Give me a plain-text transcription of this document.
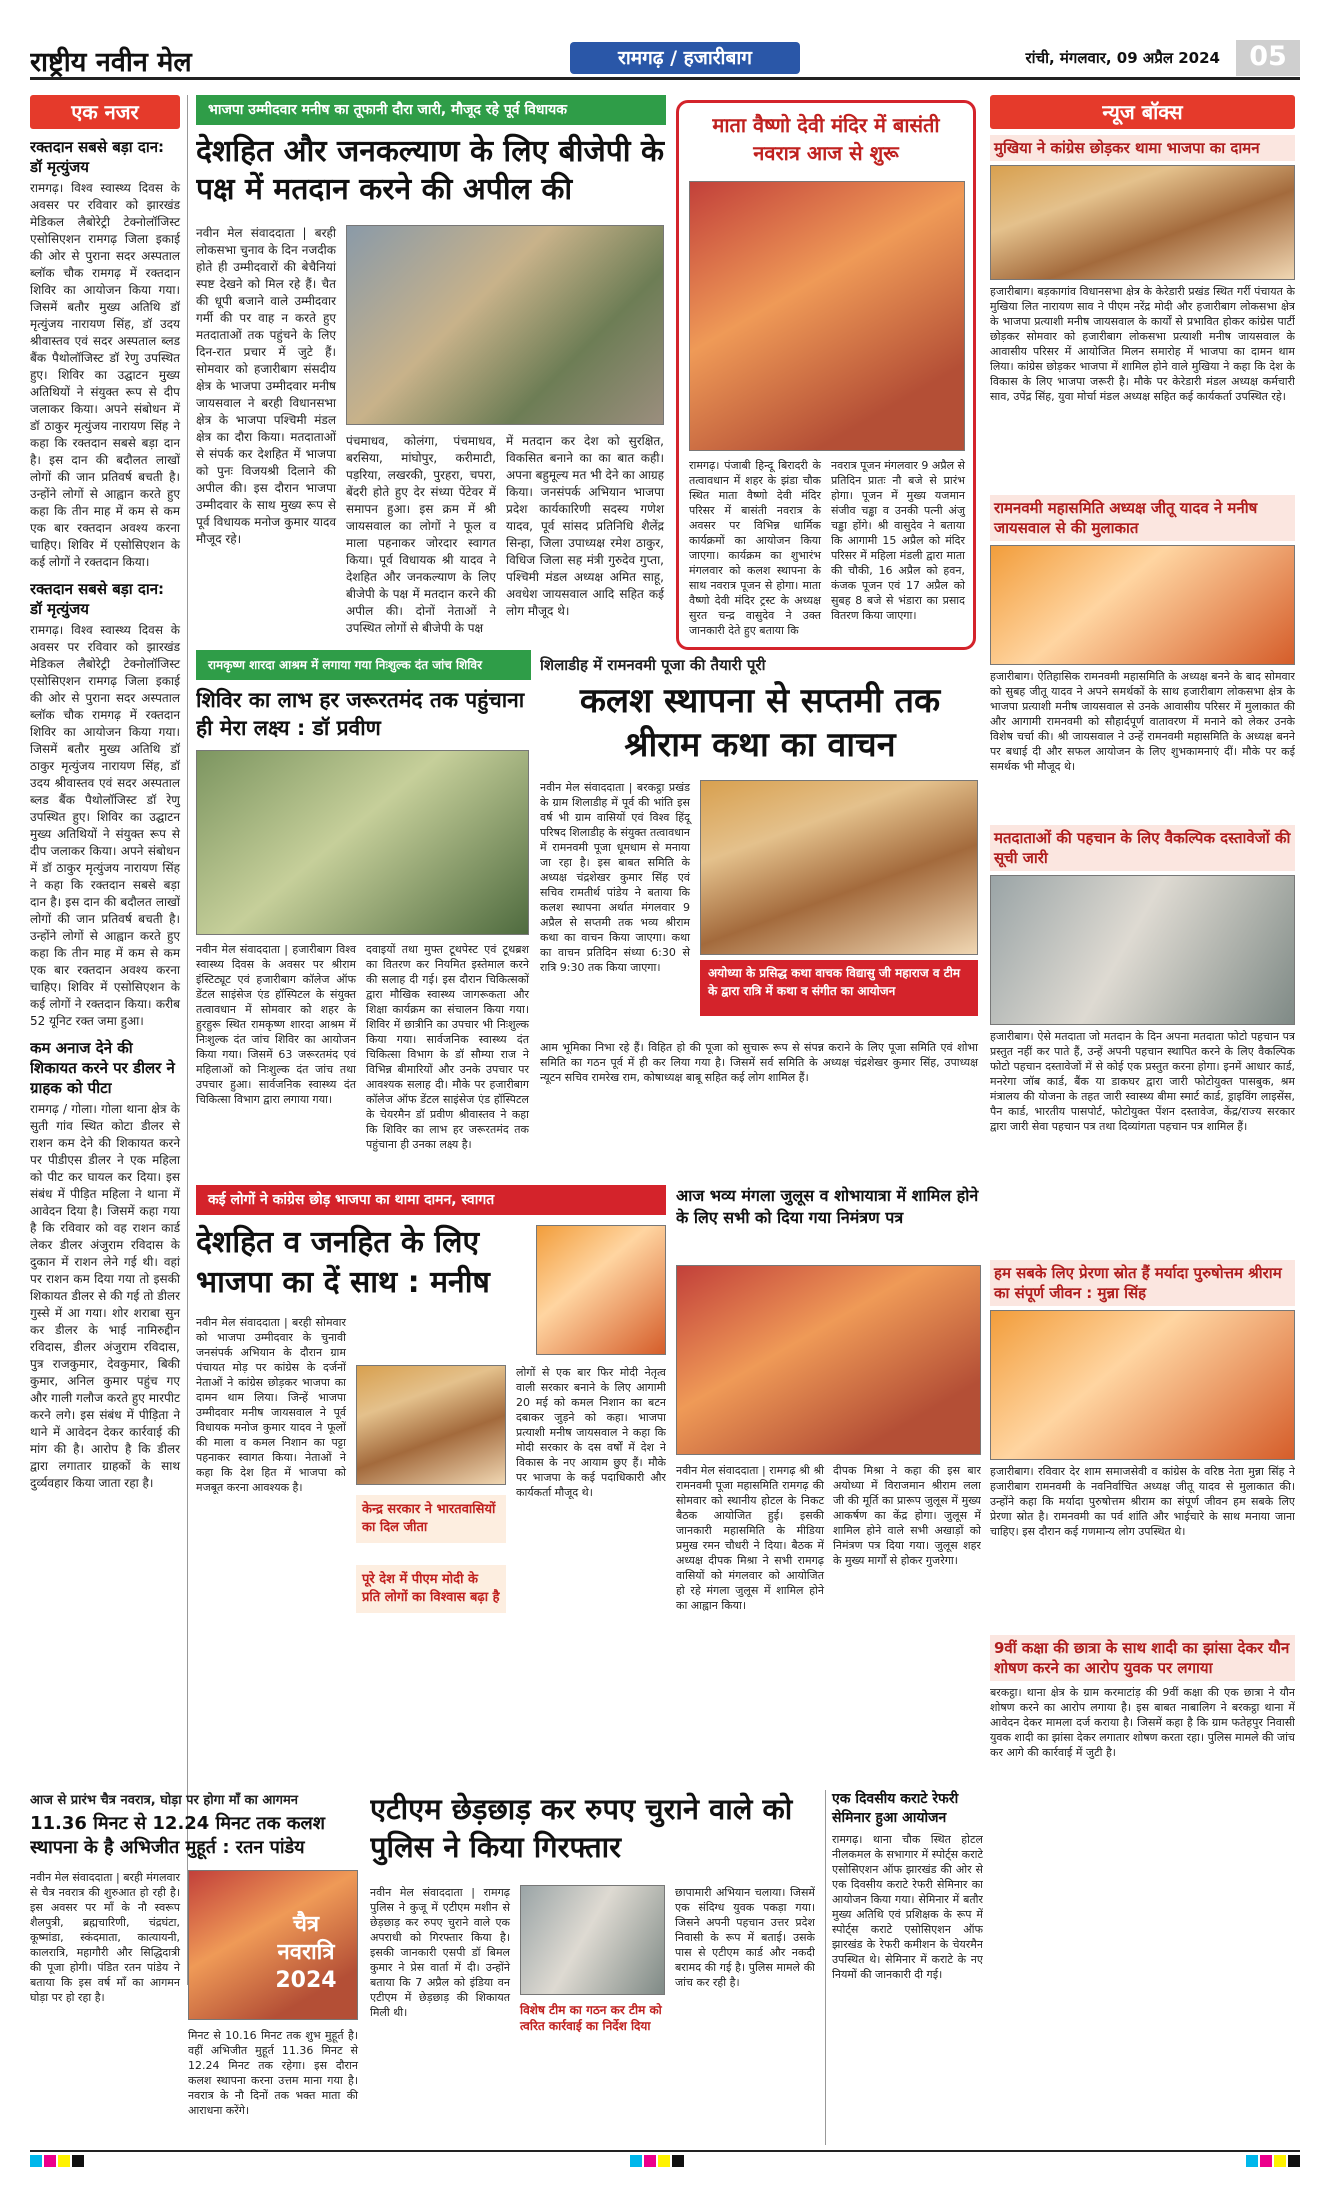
राष्ट्रीय नवीन मेल	रामगढ़ / हजारीबाग	रांची, मंगलवार, 09 अप्रैल 2024	05
एक नजर
रक्तदान सबसे बड़ा दान: डॉ मृत्युंजय
रामगढ़। विश्व स्वास्थ्य दिवस के अवसर पर रविवार को झारखंड मेडिकल लैबोरेट्री टेक्नोलॉजिस्ट एसोसिएशन रामगढ़ जिला इकाई की ओर से पुराना सदर अस्पताल ब्लॉक चौक रामगढ़ में रक्तदान शिविर का आयोजन किया गया। जिसमें बतौर मुख्य अतिथि डॉ मृत्युंजय नारायण सिंह, डॉ उदय श्रीवास्तव एवं सदर अस्पताल ब्लड बैंक पैथोलॉजिस्ट डॉ रेणु उपस्थित हुए। शिविर का उद्घाटन मुख्य अतिथियों ने संयुक्त रूप से दीप जलाकर किया। अपने संबोधन में डॉ ठाकुर मृत्युंजय नारायण सिंह ने कहा कि रक्तदान सबसे बड़ा दान है। इस दान की बदौलत लाखों लोगों की जान प्रतिवर्ष बचती है। उन्होंने लोगों से आह्वान करते हुए कहा कि तीन माह में कम से कम एक बार रक्तदान अवश्य करना चाहिए। शिविर में एसोसिएशन के कई लोगों ने रक्तदान किया।
रक्तदान सबसे बड़ा दान: डॉ मृत्युंजय
रामगढ़। विश्व स्वास्थ्य दिवस के अवसर पर रविवार को झारखंड मेडिकल लैबोरेट्री टेक्नोलॉजिस्ट एसोसिएशन रामगढ़ जिला इकाई की ओर से पुराना सदर अस्पताल ब्लॉक चौक रामगढ़ में रक्तदान शिविर का आयोजन किया गया। जिसमें बतौर मुख्य अतिथि डॉ ठाकुर मृत्युंजय नारायण सिंह, डॉ उदय श्रीवास्तव एवं सदर अस्पताल ब्लड बैंक पैथोलॉजिस्ट डॉ रेणु उपस्थित हुए। शिविर का उद्घाटन मुख्य अतिथियों ने संयुक्त रूप से दीप जलाकर किया। अपने संबोधन में डॉ ठाकुर मृत्युंजय नारायण सिंह ने कहा कि रक्तदान सबसे बड़ा दान है। इस दान की बदौलत लाखों लोगों की जान प्रतिवर्ष बचती है। उन्होंने लोगों से आह्वान करते हुए कहा कि तीन माह में कम से कम एक बार रक्तदान अवश्य करना चाहिए। शिविर में एसोसिएशन के कई लोगों ने रक्तदान किया। करीब 52 यूनिट रक्त जमा हुआ।
कम अनाज देने की शिकायत करने पर डीलर ने ग्राहक को पीटा
रामगढ़ / गोला। गोला थाना क्षेत्र के सुती गांव स्थित कोटा डीलर से राशन कम देने की शिकायत करने पर पीडीएस डीलर ने एक महिला को पीट कर घायल कर दिया। इस संबंध में पीड़ित महिला ने थाना में आवेदन दिया है। जिसमें कहा गया है कि रविवार को वह राशन कार्ड लेकर डीलर अंजुराम रविदास के दुकान में राशन लेने गई थी। वहां पर राशन कम दिया गया तो इसकी शिकायत डीलर से की गई तो डीलर गुस्से में आ गया। शोर शराबा सुन कर डीलर के भाई नामिरुद्दीन रविदास, डीलर अंजुराम रविदास, पुत्र राजकुमार, देवकुमार, बिकी कुमार, अनिल कुमार पहुंच गए और गाली गलौज करते हुए मारपीट करने लगे। इस संबंध में पीड़िता ने थाने में आवेदन देकर कार्रवाई की मांग की है। आरोप है कि डीलर द्वारा लगातार ग्राहकों के साथ दुर्व्यवहार किया जाता रहा है।
भाजपा उम्मीदवार मनीष का तूफानी दौरा जारी, मौजूद रहे पूर्व विधायक
देशहित और जनकल्याण के लिए बीजेपी के पक्ष में मतदान करने की अपील की
नवीन मेल संवाददाता | बरही लोकसभा चुनाव के दिन नजदीक होते ही उम्मीदवारों की बेचैनियां स्पष्ट देखने को मिल रहे हैं। चैत की धूपी बजाने वाले उम्मीदवार गर्मी की पर वाह न करते हुए मतदाताओं तक पहुंचने के लिए दिन-रात प्रचार में जुटे हैं। सोमवार को हजारीबाग संसदीय क्षेत्र के भाजपा उम्मीदवार मनीष जायसवाल ने बरही विधानसभा क्षेत्र के भाजपा पश्चिमी मंडल क्षेत्र का दौरा किया। मतदाताओं से संपर्क कर देशहित में भाजपा को पुनः विजयश्री दिलाने की अपील की। इस दौरान भाजपा उम्मीदवार के साथ मुख्य रूप से पूर्व विधायक मनोज कुमार यादव मौजूद रहे।
पंचमाधव, कोलंगा, पंचमाधव, बरसिया, मांघोपुर, करीमाटी, पड़रिया, लखरकी, पुरहरा, चपरा, बेंदरी होते हुए देर संध्या पेंटेवर में समापन हुआ। इस क्रम में श्री जायसवाल का लोगों ने फूल व माला पहनाकर जोरदार स्वागत किया। पूर्व विधायक श्री यादव ने देशहित और जनकल्याण के लिए बीजेपी के पक्ष में मतदान करने की अपील की। दोनों नेताओं ने उपस्थित लोगों से बीजेपी के पक्ष
में मतदान कर देश को सुरक्षित, विकसित बनाने का का बात कही। अपना बहुमूल्य मत भी देने का आग्रह किया। जनसंपर्क अभियान भाजपा प्रदेश कार्यकारिणी सदस्य गणेश यादव, पूर्व सांसद प्रतिनिधि शैलेंद्र सिन्हा, जिला उपाध्यक्ष रमेश ठाकुर, विधिज जिला सह मंत्री गुरुदेव गुप्ता, पश्चिमी मंडल अध्यक्ष अमित साहू, अवधेश जायसवाल आदि सहित कई लोग मौजूद थे।
माता वैष्णो देवी मंदिर में बासंती नवरात्र आज से शुरू
रामगढ़। पंजाबी हिन्दू बिरादरी के तत्वावधान में शहर के झंडा चौक स्थित माता वैष्णो देवी मंदिर परिसर में बासंती नवरात्र के अवसर पर विभिन्न धार्मिक कार्यक्रमों का आयोजन किया जाएगा। कार्यक्रम का शुभारंभ मंगलवार को कलश स्थापना के साथ नवरात्र पूजन से होगा। माता वैष्णो देवी मंदिर ट्रस्ट के अध्यक्ष सुरत चन्द्र वासुदेव ने उक्त जानकारी देते हुए बताया कि
नवरात्र पूजन मंगलवार 9 अप्रैल से प्रतिदिन प्रातः नौ बजे से प्रारंभ होगा। पूजन में मुख्य यजमान संजीव चड्ढा व उनकी पत्नी अंजु चड्ढा होंगे। श्री वासुदेव ने बताया कि आगामी 15 अप्रैल को मंदिर परिसर में महिला मंडली द्वारा माता की चौकी, 16 अप्रैल को हवन, कंजक पूजन एवं 17 अप्रैल को सुबह 8 बजे से भंडारा का प्रसाद वितरण किया जाएगा।
न्यूज बॉक्स
मुखिया ने कांग्रेस छोड़कर थामा भाजपा का दामन
हजारीबाग। बड़कागांव विधानसभा क्षेत्र के केरेडारी प्रखंड स्थित गर्री पंचायत के मुखिया लित नारायण साव ने पीएम नरेंद्र मोदी और हजारीबाग लोकसभा क्षेत्र के भाजपा प्रत्याशी मनीष जायसवाल के कार्यों से प्रभावित होकर कांग्रेस पार्टी छोड़कर सोमवार को हजारीबाग लोकसभा प्रत्याशी मनीष जायसवाल के आवासीय परिसर में आयोजित मिलन समारोह में भाजपा का दामन थाम लिया। कांग्रेस छोड़कर भाजपा में शामिल होने वाले मुखिया ने कहा कि देश के विकास के लिए भाजपा जरूरी है। मौके पर केरेडारी मंडल अध्यक्ष कर्मचारी साव, उपेंद्र सिंह, युवा मोर्चा मंडल अध्यक्ष सहित कई कार्यकर्ता उपस्थित रहे।
रामनवमी महासमिति अध्यक्ष जीतू यादव ने मनीष जायसवाल से की मुलाकात
हजारीबाग। ऐतिहासिक रामनवमी महासमिति के अध्यक्ष बनने के बाद सोमवार को सुबह जीतू यादव ने अपने समर्थकों के साथ हजारीबाग लोकसभा क्षेत्र के भाजपा प्रत्याशी मनीष जायसवाल से उनके आवासीय परिसर में मुलाकात की और आगामी रामनवमी को सौहार्दपूर्ण वातावरण में मनाने को लेकर उनके विशेष चर्चा की। श्री जायसवाल ने उन्हें रामनवमी महासमिति के अध्यक्ष बनने पर बधाई दी और सफल आयोजन के लिए शुभकामनाएं दीं। मौके पर कई समर्थक भी मौजूद थे।
मतदाताओं की पहचान के लिए वैकल्पिक दस्तावेजों की सूची जारी
हजारीबाग। ऐसे मतदाता जो मतदान के दिन अपना मतदाता फोटो पहचान पत्र प्रस्तुत नहीं कर पाते हैं, उन्हें अपनी पहचान स्थापित करने के लिए वैकल्पिक फोटो पहचान दस्तावेजों में से कोई एक प्रस्तुत करना होगा। इनमें आधार कार्ड, मनरेगा जॉब कार्ड, बैंक या डाकघर द्वारा जारी फोटोयुक्त पासबुक, श्रम मंत्रालय की योजना के तहत जारी स्वास्थ्य बीमा स्मार्ट कार्ड, ड्राइविंग लाइसेंस, पैन कार्ड, भारतीय पासपोर्ट, फोटोयुक्त पेंशन दस्तावेज, केंद्र/राज्य सरकार द्वारा जारी सेवा पहचान पत्र तथा दिव्यांगता पहचान पत्र शामिल हैं।
हम सबके लिए प्रेरणा स्रोत हैं मर्यादा पुरुषोत्तम श्रीराम का संपूर्ण जीवन : मुन्ना सिंह
हजारीबाग। रविवार देर शाम समाजसेवी व कांग्रेस के वरिष्ठ नेता मुन्ना सिंह ने हजारीबाग रामनवमी के नवनिर्वाचित अध्यक्ष जीतू यादव से मुलाकात की। उन्होंने कहा कि मर्यादा पुरुषोत्तम श्रीराम का संपूर्ण जीवन हम सबके लिए प्रेरणा स्रोत है। रामनवमी का पर्व शांति और भाईचारे के साथ मनाया जाना चाहिए। इस दौरान कई गणमान्य लोग उपस्थित थे।
9वीं कक्षा की छात्रा के साथ शादी का झांसा देकर यौन शोषण करने का आरोप युवक पर लगाया
बरकट्ठा। थाना क्षेत्र के ग्राम करमाटांड़ की 9वीं कक्षा की एक छात्रा ने यौन शोषण करने का आरोप लगाया है। इस बाबत नाबालिग ने बरकट्ठा थाना में आवेदन देकर मामला दर्ज कराया है। जिसमें कहा है कि ग्राम फतेहपुर निवासी युवक शादी का झांसा देकर लगातार शोषण करता रहा। पुलिस मामले की जांच कर आगे की कार्रवाई में जुटी है।
रामकृष्ण शारदा आश्रम में लगाया गया निःशुल्क दंत जांच शिविर
शिविर का लाभ हर जरूरतमंद तक पहुंचाना ही मेरा लक्ष्य : डॉ प्रवीण
नवीन मेल संवाददाता | हजारीबाग विश्व स्वास्थ्य दिवस के अवसर पर श्रीराम इंस्टिट्यूट एवं हजारीबाग कॉलेज ऑफ डेंटल साइंसेज एंड हॉस्पिटल के संयुक्त तत्वावधान में सोमवार को शहर के हुरहुरू स्थित रामकृष्ण शारदा आश्रम में निःशुल्क दंत जांच शिविर का आयोजन किया गया। जिसमें 63 जरूरतमंद एवं महिलाओं को निःशुल्क दंत जांच तथा उपचार हुआ। सार्वजनिक स्वास्थ्य दंत चिकित्सा विभाग द्वारा लगाया गया।
दवाइयों तथा मुफ्त टूथपेस्ट एवं टूथब्रश का वितरण कर नियमित इस्तेमाल करने की सलाह दी गई। इस दौरान चिकित्सकों द्वारा मौखिक स्वास्थ्य जागरूकता और शिक्षा कार्यक्रम का संचालन किया गया। शिविर में छात्रीनि का उपचार भी निःशुल्क किया गया। सार्वजनिक स्वास्थ्य दंत चिकित्सा विभाग के डॉ सौम्या राज ने विभिन्न बीमारियों और उनके उपचार पर आवश्यक सलाह दी। मौके पर हजारीबाग कॉलेज ऑफ डेंटल साइंसेज एंड हॉस्पिटल के चेयरमैन डॉ प्रवीण श्रीवास्तव ने कहा कि शिविर का लाभ हर जरूरतमंद तक पहुंचाना ही उनका लक्ष्य है।
शिलाडीह में रामनवमी पूजा की तैयारी पूरी
कलश स्थापना से सप्तमी तक श्रीराम कथा का वाचन
नवीन मेल संवाददाता | बरकट्ठा प्रखंड के ग्राम शिलाडीह में पूर्व की भांति इस वर्ष भी ग्राम वासियों एवं विश्व हिंदू परिषद शिलाडीह के संयुक्त तत्वावधान में रामनवमी पूजा धूमधाम से मनाया जा रहा है। इस बाबत समिति के अध्यक्ष चंद्रशेखर कुमार सिंह एवं सचिव रामतीर्थ पांडेय ने बताया कि कलश स्थापना अर्थात मंगलवार 9 अप्रैल से सप्तमी तक भव्य श्रीराम कथा का वाचन किया जाएगा। कथा का वाचन प्रतिदिन संध्या 6:30 से रात्रि 9:30 तक किया जाएगा।	अयोध्या के प्रसिद्ध कथा वाचक विद्यासु जी महाराज व टीम के द्वारा रात्रि में कथा व संगीत का आयोजन
आम भूमिका निभा रहे हैं। विहित हो की पूजा को सुचारू रूप से संपन्न कराने के लिए पूजा समिति एवं शोभा समिति का गठन पूर्व में ही कर लिया गया है। जिसमें सर्व समिति के अध्यक्ष चंद्रशेखर कुमार सिंह, उपाध्यक्ष न्यूटन सचिव रामरेख राम, कोषाध्यक्ष बाबू सहित कई लोग शामिल हैं।
कई लोगों ने कांग्रेस छोड़ भाजपा का थामा दामन, स्वागत
देशहित व जनहित के लिए भाजपा का दें साथ : मनीष
नवीन मेल संवाददाता | बरही सोमवार को भाजपा उम्मीदवार के चुनावी जनसंपर्क अभियान के दौरान ग्राम पंचायत मोड़ पर कांग्रेस के दर्जनों नेताओं ने कांग्रेस छोड़कर भाजपा का दामन थाम लिया। जिन्हें भाजपा उम्मीदवार मनीष जायसवाल ने पूर्व विधायक मनोज कुमार यादव ने फूलों की माला व कमल निशान का पट्टा पहनाकर स्वागत किया। नेताओं ने कहा कि देश हित में भाजपा को मजबूत करना आवश्यक है।
केन्द्र सरकार ने भारतवासियों का दिल जीता
पूरे देश में पीएम मोदी के प्रति लोगों का विश्वास बढ़ा है
लोगों से एक बार फिर मोदी नेतृत्व वाली सरकार बनाने के लिए आगामी 20 मई को कमल निशान का बटन दबाकर जुड़ने को कहा। भाजपा प्रत्याशी मनीष जायसवाल ने कहा कि मोदी सरकार के दस वर्षों में देश ने विकास के नए आयाम छुए हैं। मौके पर भाजपा के कई पदाधिकारी और कार्यकर्ता मौजूद थे।
आज भव्य मंगला जुलूस व शोभायात्रा में शामिल होने के लिए सभी को दिया गया निमंत्रण पत्र
नवीन मेल संवाददाता | रामगढ़ श्री श्री रामनवमी पूजा महासमिति रामगढ़ की सोमवार को स्थानीय होटल के निकट बैठक आयोजित हुई। इसकी जानकारी महासमिति के मीडिया प्रमुख रमन चौधरी ने दिया। बैठक में अध्यक्ष दीपक मिश्रा ने सभी रामगढ़ वासियों को मंगलवार को आयोजित हो रहे मंगला जुलूस में शामिल होने का आह्वान किया।
दीपक मिश्रा ने कहा की इस बार अयोध्या में विराजमान श्रीराम लला जी की मूर्ति का प्रारूप जुलूस में मुख्य आकर्षण का केंद्र होगा। जुलूस में शामिल होने वाले सभी अखाड़ों को निमंत्रण पत्र दिया गया। जुलूस शहर के मुख्य मार्गों से होकर गुजरेगा।
आज से प्रारंभ चैत्र नवरात्र, घोड़ा पर होगा माँ का आगमन
11.36 मिनट से 12.24 मिनट तक कलश स्थापना के है अभिजीत मुहूर्त : रतन पांडेय
नवीन मेल संवाददाता | बरही मंगलवार से चैत्र नवरात्र की शुरुआत हो रही है। इस अवसर पर माँ के नौ स्वरूप शैलपुत्री, ब्रह्मचारिणी, चंद्रघंटा, कूष्मांडा, स्कंदमाता, कात्यायनी, कालरात्रि, महागौरी और सिद्धिदात्री की पूजा होगी। पंडित रतन पांडेय ने बताया कि इस वर्ष माँ का आगमन घोड़ा पर हो रहा है।
चैत्र नवरात्रि 2024
मिनट से 10.16 मिनट तक शुभ मुहूर्त है। वहीं अभिजीत मुहूर्त 11.36 मिनट से 12.24 मिनट तक रहेगा। इस दौरान कलश स्थापना करना उत्तम माना गया है। नवरात्र के नौ दिनों तक भक्त माता की आराधना करेंगे।
एटीएम छेड़छाड़ कर रुपए चुराने वाले को पुलिस ने किया गिरफ्तार
नवीन मेल संवाददाता | रामगढ़ पुलिस ने कुजू में एटीएम मशीन से छेड़छाड़ कर रुपए चुराने वाले एक अपराधी को गिरफ्तार किया है। इसकी जानकारी एसपी डॉ बिमल कुमार ने प्रेस वार्ता में दी। उन्होंने बताया कि 7 अप्रैल को इंडिया वन एटीएम में छेड़छाड़ की शिकायत मिली थी।	विशेष टीम का गठन कर टीम को त्वरित कार्रवाई का निर्देश दिया
छापामारी अभियान चलाया। जिसमें एक संदिग्ध युवक पकड़ा गया। जिसने अपनी पहचान उत्तर प्रदेश निवासी के रूप में बताई। उसके पास से एटीएम कार्ड और नकदी बरामद की गई है। पुलिस मामले की जांच कर रही है।
एक दिवसीय कराटे रेफरी सेमिनार हुआ आयोजन
रामगढ़। थाना चौक स्थित होटल नीलकमल के सभागार में स्पोर्ट्स कराटे एसोसिएशन ऑफ झारखंड की ओर से एक दिवसीय कराटे रेफरी सेमिनार का आयोजन किया गया। सेमिनार में बतौर मुख्य अतिथि एवं प्रशिक्षक के रूप में स्पोर्ट्स कराटे एसोसिएशन ऑफ झारखंड के रेफरी कमीशन के चेयरमैन उपस्थित थे। सेमिनार में कराटे के नए नियमों की जानकारी दी गई।
